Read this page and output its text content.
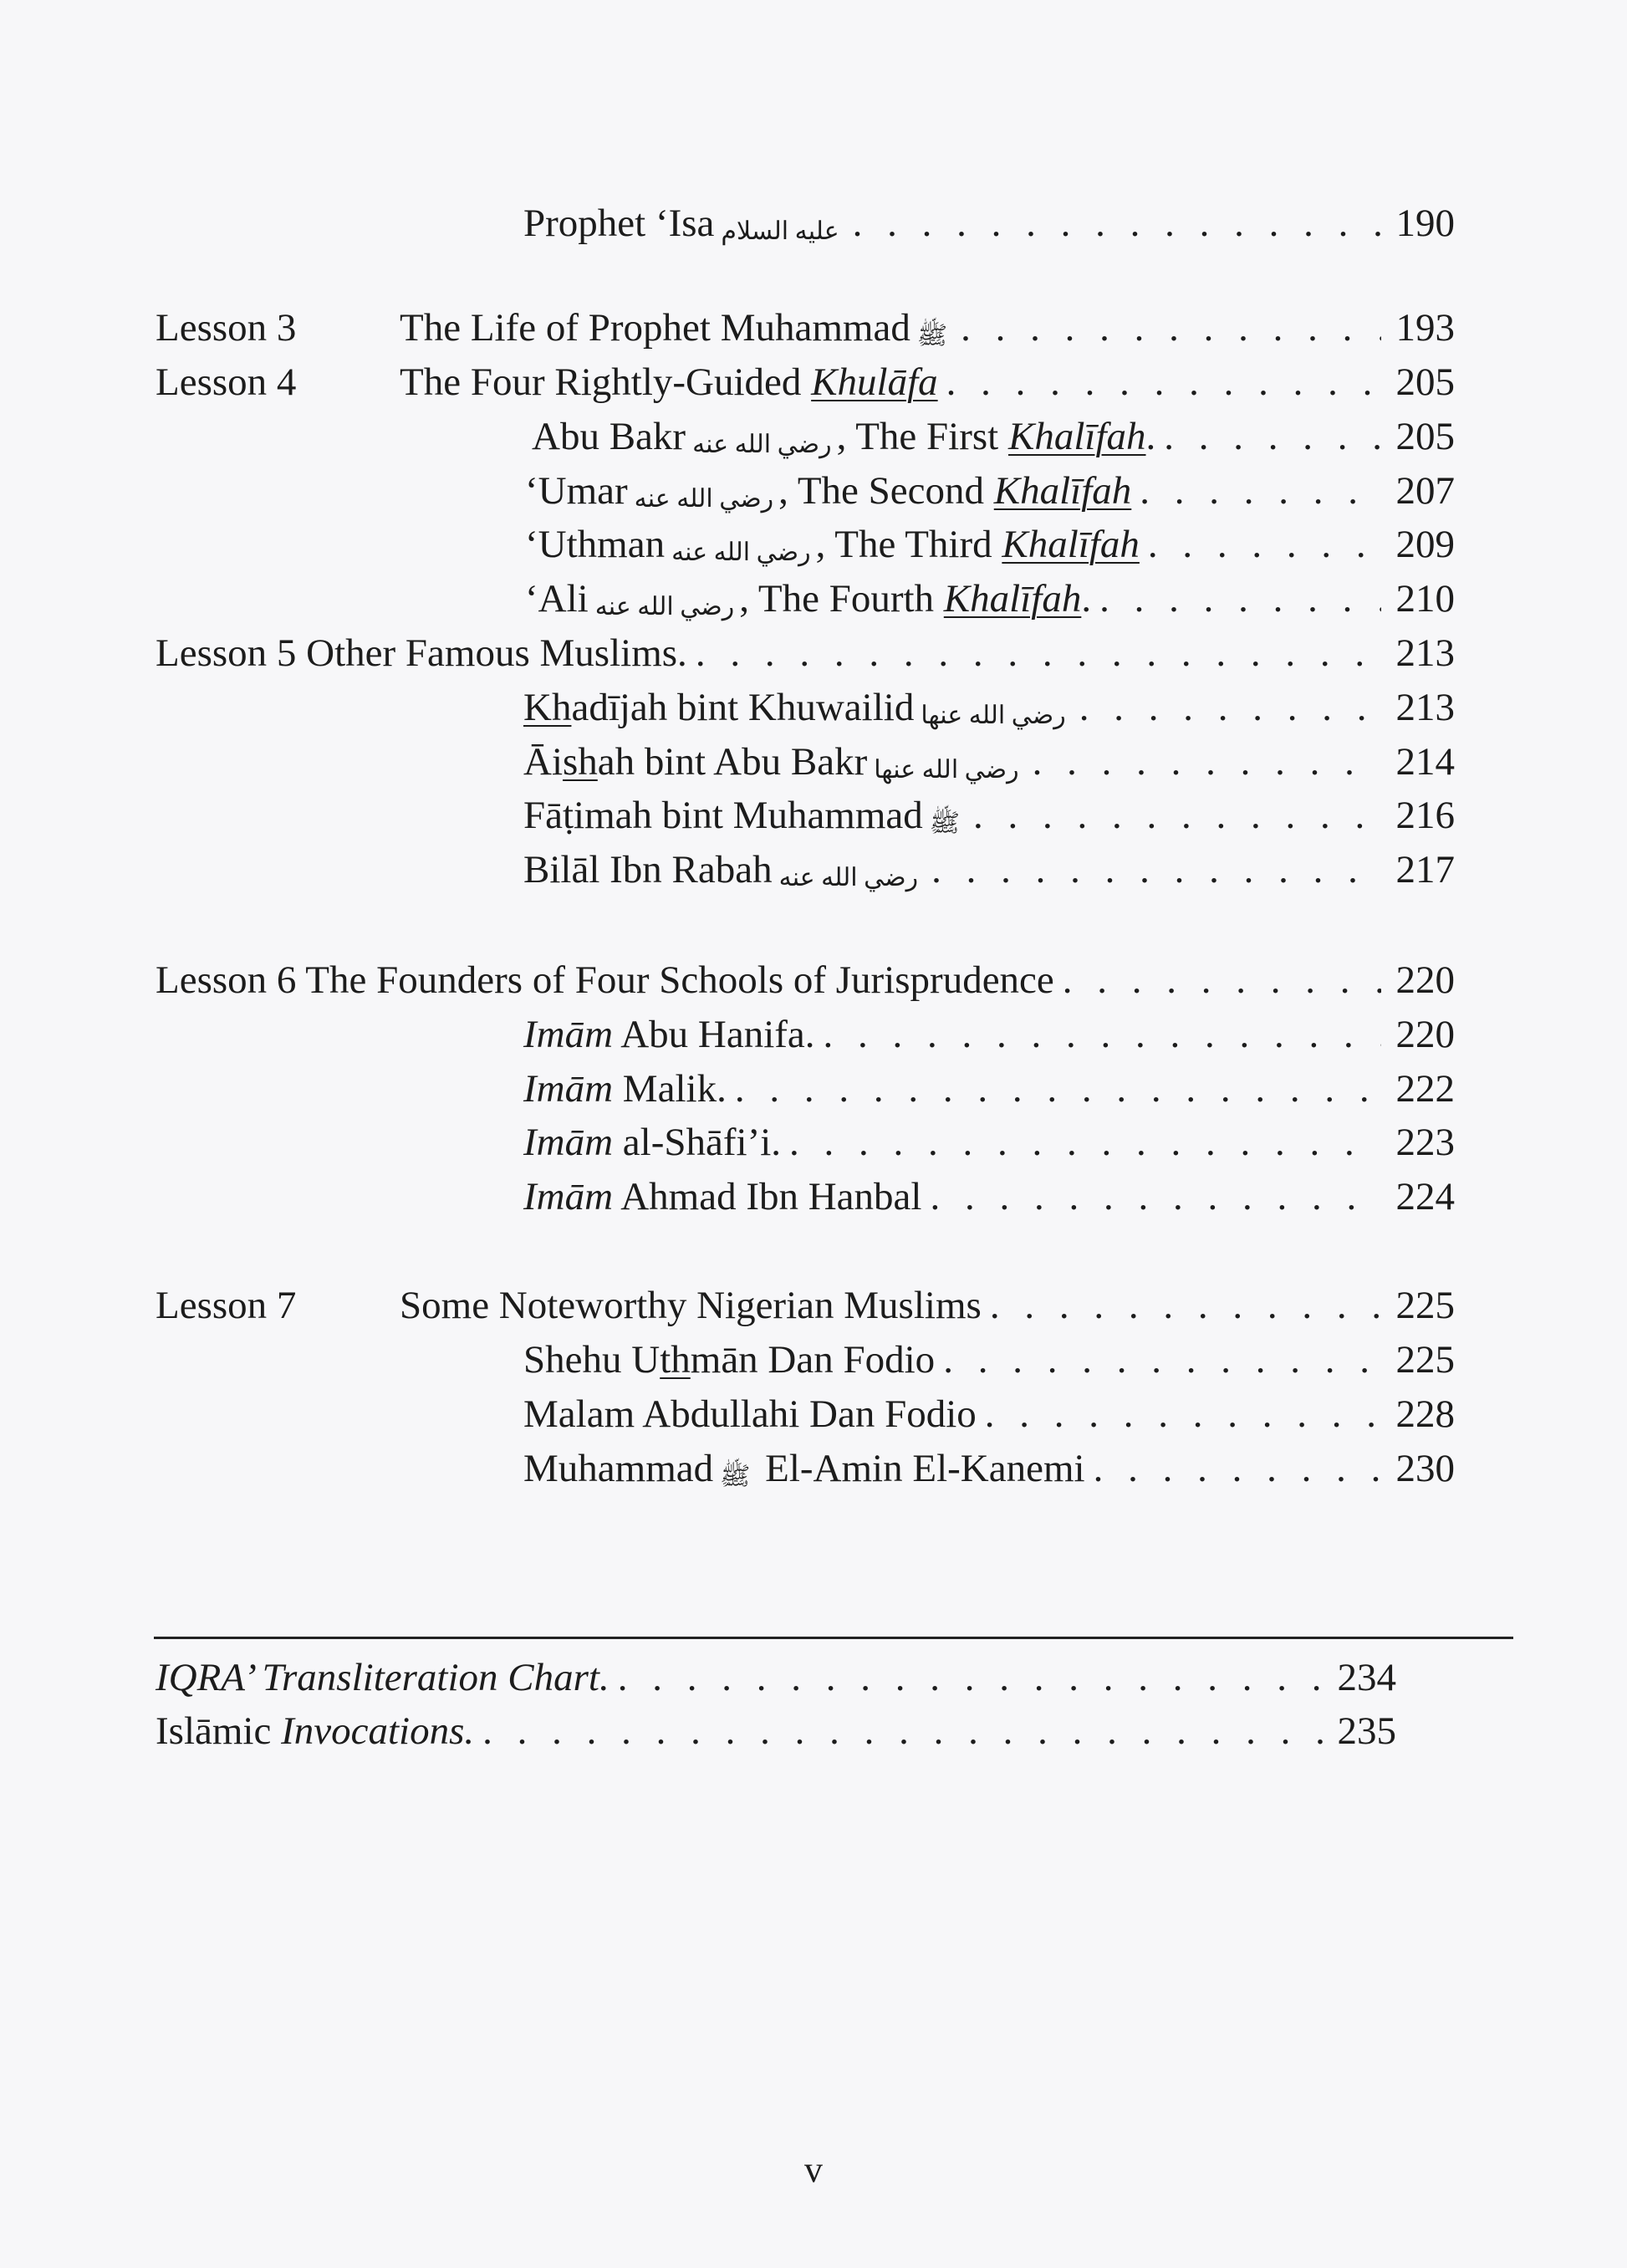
Prophet ‘Isa عليه السلام . . .	190
Lesson 3	The Life of Prophet Muhammad ﷺ . . .	193
Lesson 4	The Four Rightly-Guided Khulāfa . . .	205
Abu Bakr رضي الله عنه , The First Khalīfah. . . .	205
‘Umar رضي الله عنه , The Second Khalīfah . . .	207
‘Uthman رضي الله عنه , The Third Khalīfah . . .	209
‘Ali رضي الله عنه , The Fourth Khalīfah. . . .	210
Lesson 5 Other Famous Muslims. . . .	213
Khadījah bint Khuwailid رضي الله عنها . . .	213
Āishah bint Abu Bakr رضي الله عنها . . .	214
Fāṭimah bint Muhammad ﷺ . . .	216
Bilāl Ibn Rabah رضي الله عنه . . .	217
Lesson 6 The Founders of Four Schools of Jurisprudence . . .	220
Imām Abu Hanifa. . . .	220
Imām Malik. . . .	222
Imām al-Shāfi’i. . . .	223
Imām Ahmad Ibn Hanbal . . .	224
Lesson 7	Some Noteworthy Nigerian Muslims . . .	225
Shehu Uthmān Dan Fodio . . .	225
Malam Abdullahi Dan Fodio . . .	228
Muhammad ﷺ El-Amin El-Kanemi . . .	230
IQRA’ Transliteration Chart. . . .	234
Islāmic Invocations. . . .	235
v
